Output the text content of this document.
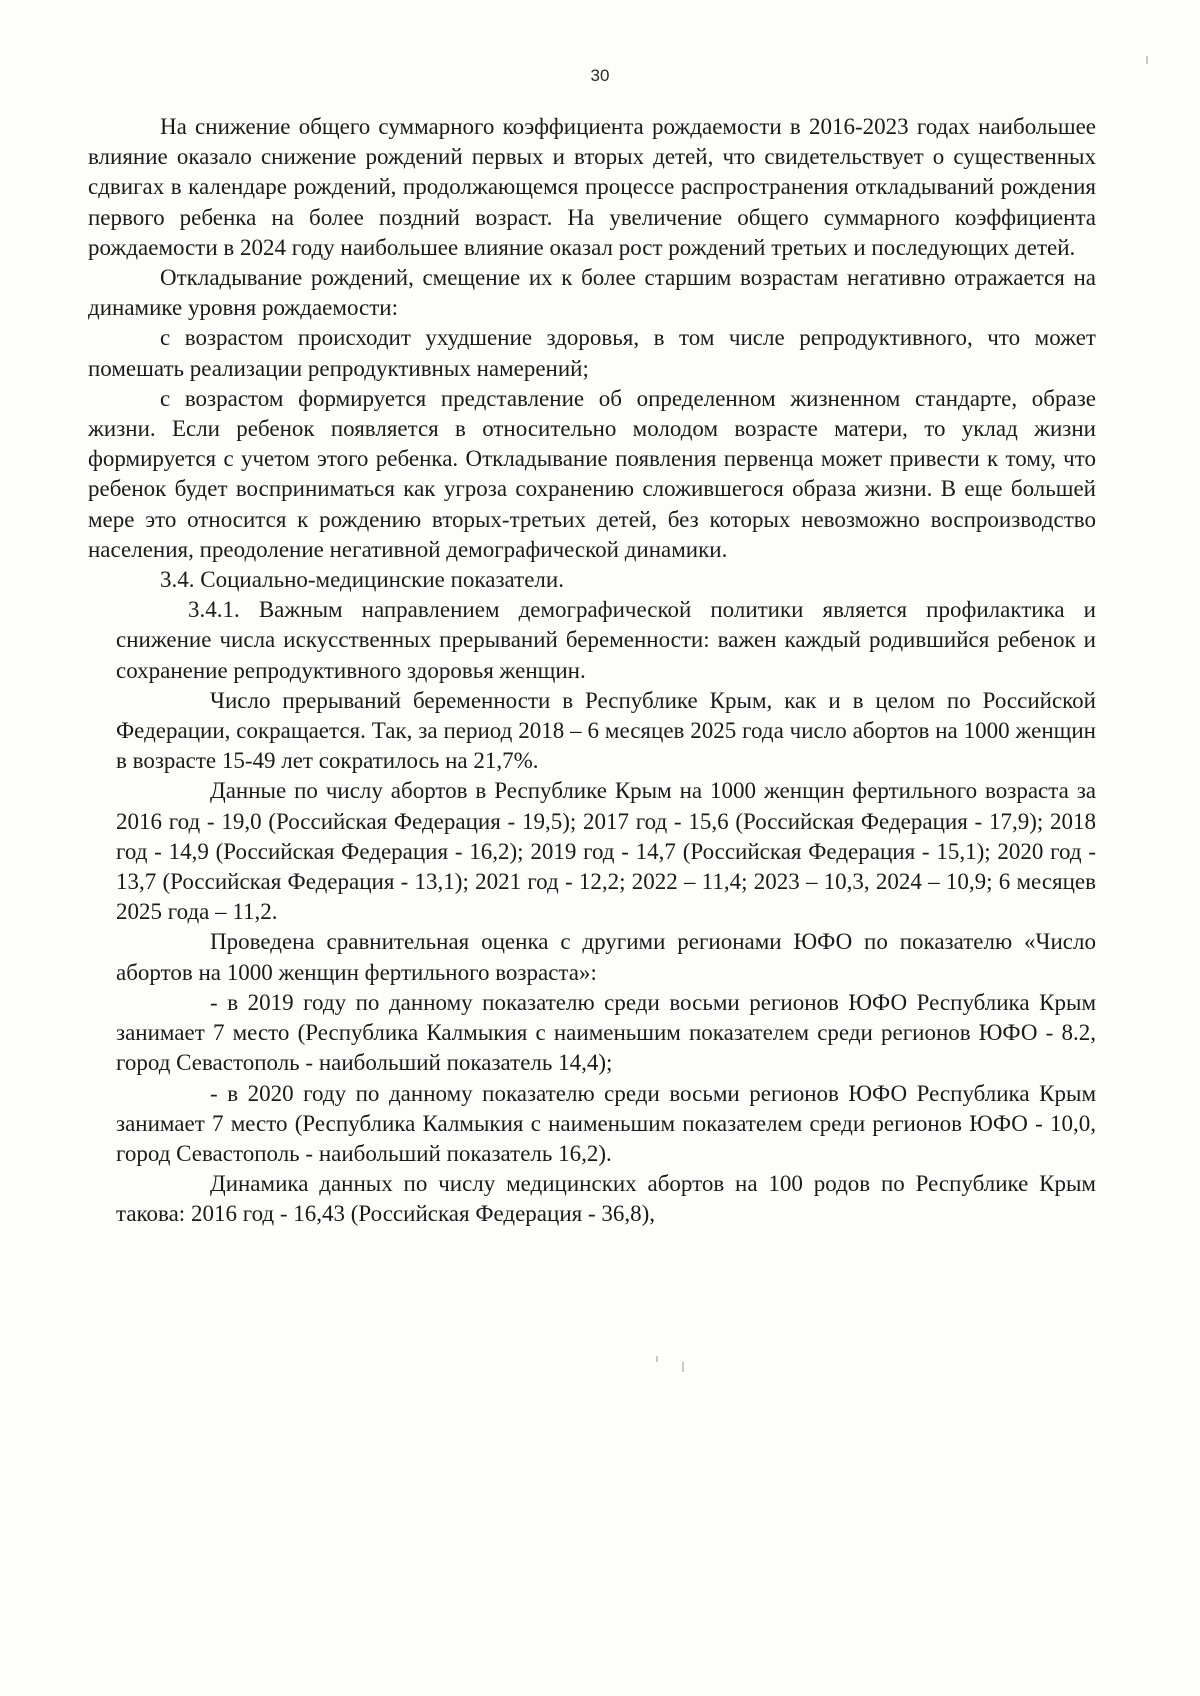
30

На снижение общего суммарного коэффициента рождаемости в 2016-2023 годах наибольшее влияние оказало снижение рождений первых и вторых детей, что свидетельствует о существенных сдвигах в календаре рождений, продолжающемся процессе распространения откладываний рождения первого ребенка на более поздний возраст. На увеличение общего суммарного коэффициента рождаемости в 2024 году наибольшее влияние оказал рост рождений третьих и последующих детей.

Откладывание рождений, смещение их к более старшим возрастам негативно отражается на динамике уровня рождаемости:

с возрастом происходит ухудшение здоровья, в том числе репродуктивного, что может помешать реализации репродуктивных намерений;

с возрастом формируется представление об определенном жизненном стандарте, образе жизни. Если ребенок появляется в относительно молодом возрасте матери, то уклад жизни формируется с учетом этого ребенка. Откладывание появления первенца может привести к тому, что ребенок будет восприниматься как угроза сохранению сложившегося образа жизни. В еще большей мере это относится к рождению вторых-третьих детей, без которых невозможно воспроизводство населения, преодоление негативной демографической динамики.

3.4. Социально-медицинские показатели.

3.4.1. Важным направлением демографической политики является профилактика и снижение числа искусственных прерываний беременности: важен каждый родившийся ребенок и сохранение репродуктивного здоровья женщин.

Число прерываний беременности в Республике Крым, как и в целом по Российской Федерации, сокращается. Так, за период 2018 – 6 месяцев 2025 года число абортов на 1000 женщин в возрасте 15-49 лет сократилось на 21,7%.

Данные по числу абортов в Республике Крым на 1000 женщин фертильного возраста за 2016 год - 19,0 (Российская Федерация - 19,5); 2017 год - 15,6 (Российская Федерация - 17,9); 2018 год - 14,9 (Российская Федерация - 16,2); 2019 год - 14,7 (Российская Федерация - 15,1); 2020 год - 13,7 (Российская Федерация - 13,1); 2021 год - 12,2; 2022 – 11,4; 2023 – 10,3, 2024 – 10,9; 6 месяцев 2025 года – 11,2.

Проведена сравнительная оценка с другими регионами ЮФО по показателю «Число абортов на 1000 женщин фертильного возраста»:

- в 2019 году по данному показателю среди восьми регионов ЮФО Республика Крым занимает 7 место (Республика Калмыкия с наименьшим показателем среди регионов ЮФО - 8.2, город Севастополь - наибольший показатель 14,4);

- в 2020 году по данному показателю среди восьми регионов ЮФО Республика Крым занимает 7 место (Республика Калмыкия с наименьшим показателем среди регионов ЮФО - 10,0, город Севастополь - наибольший показатель 16,2).

Динамика данных по числу медицинских абортов на 100 родов по Республике Крым такова: 2016 год - 16,43 (Российская Федерация - 36,8),
